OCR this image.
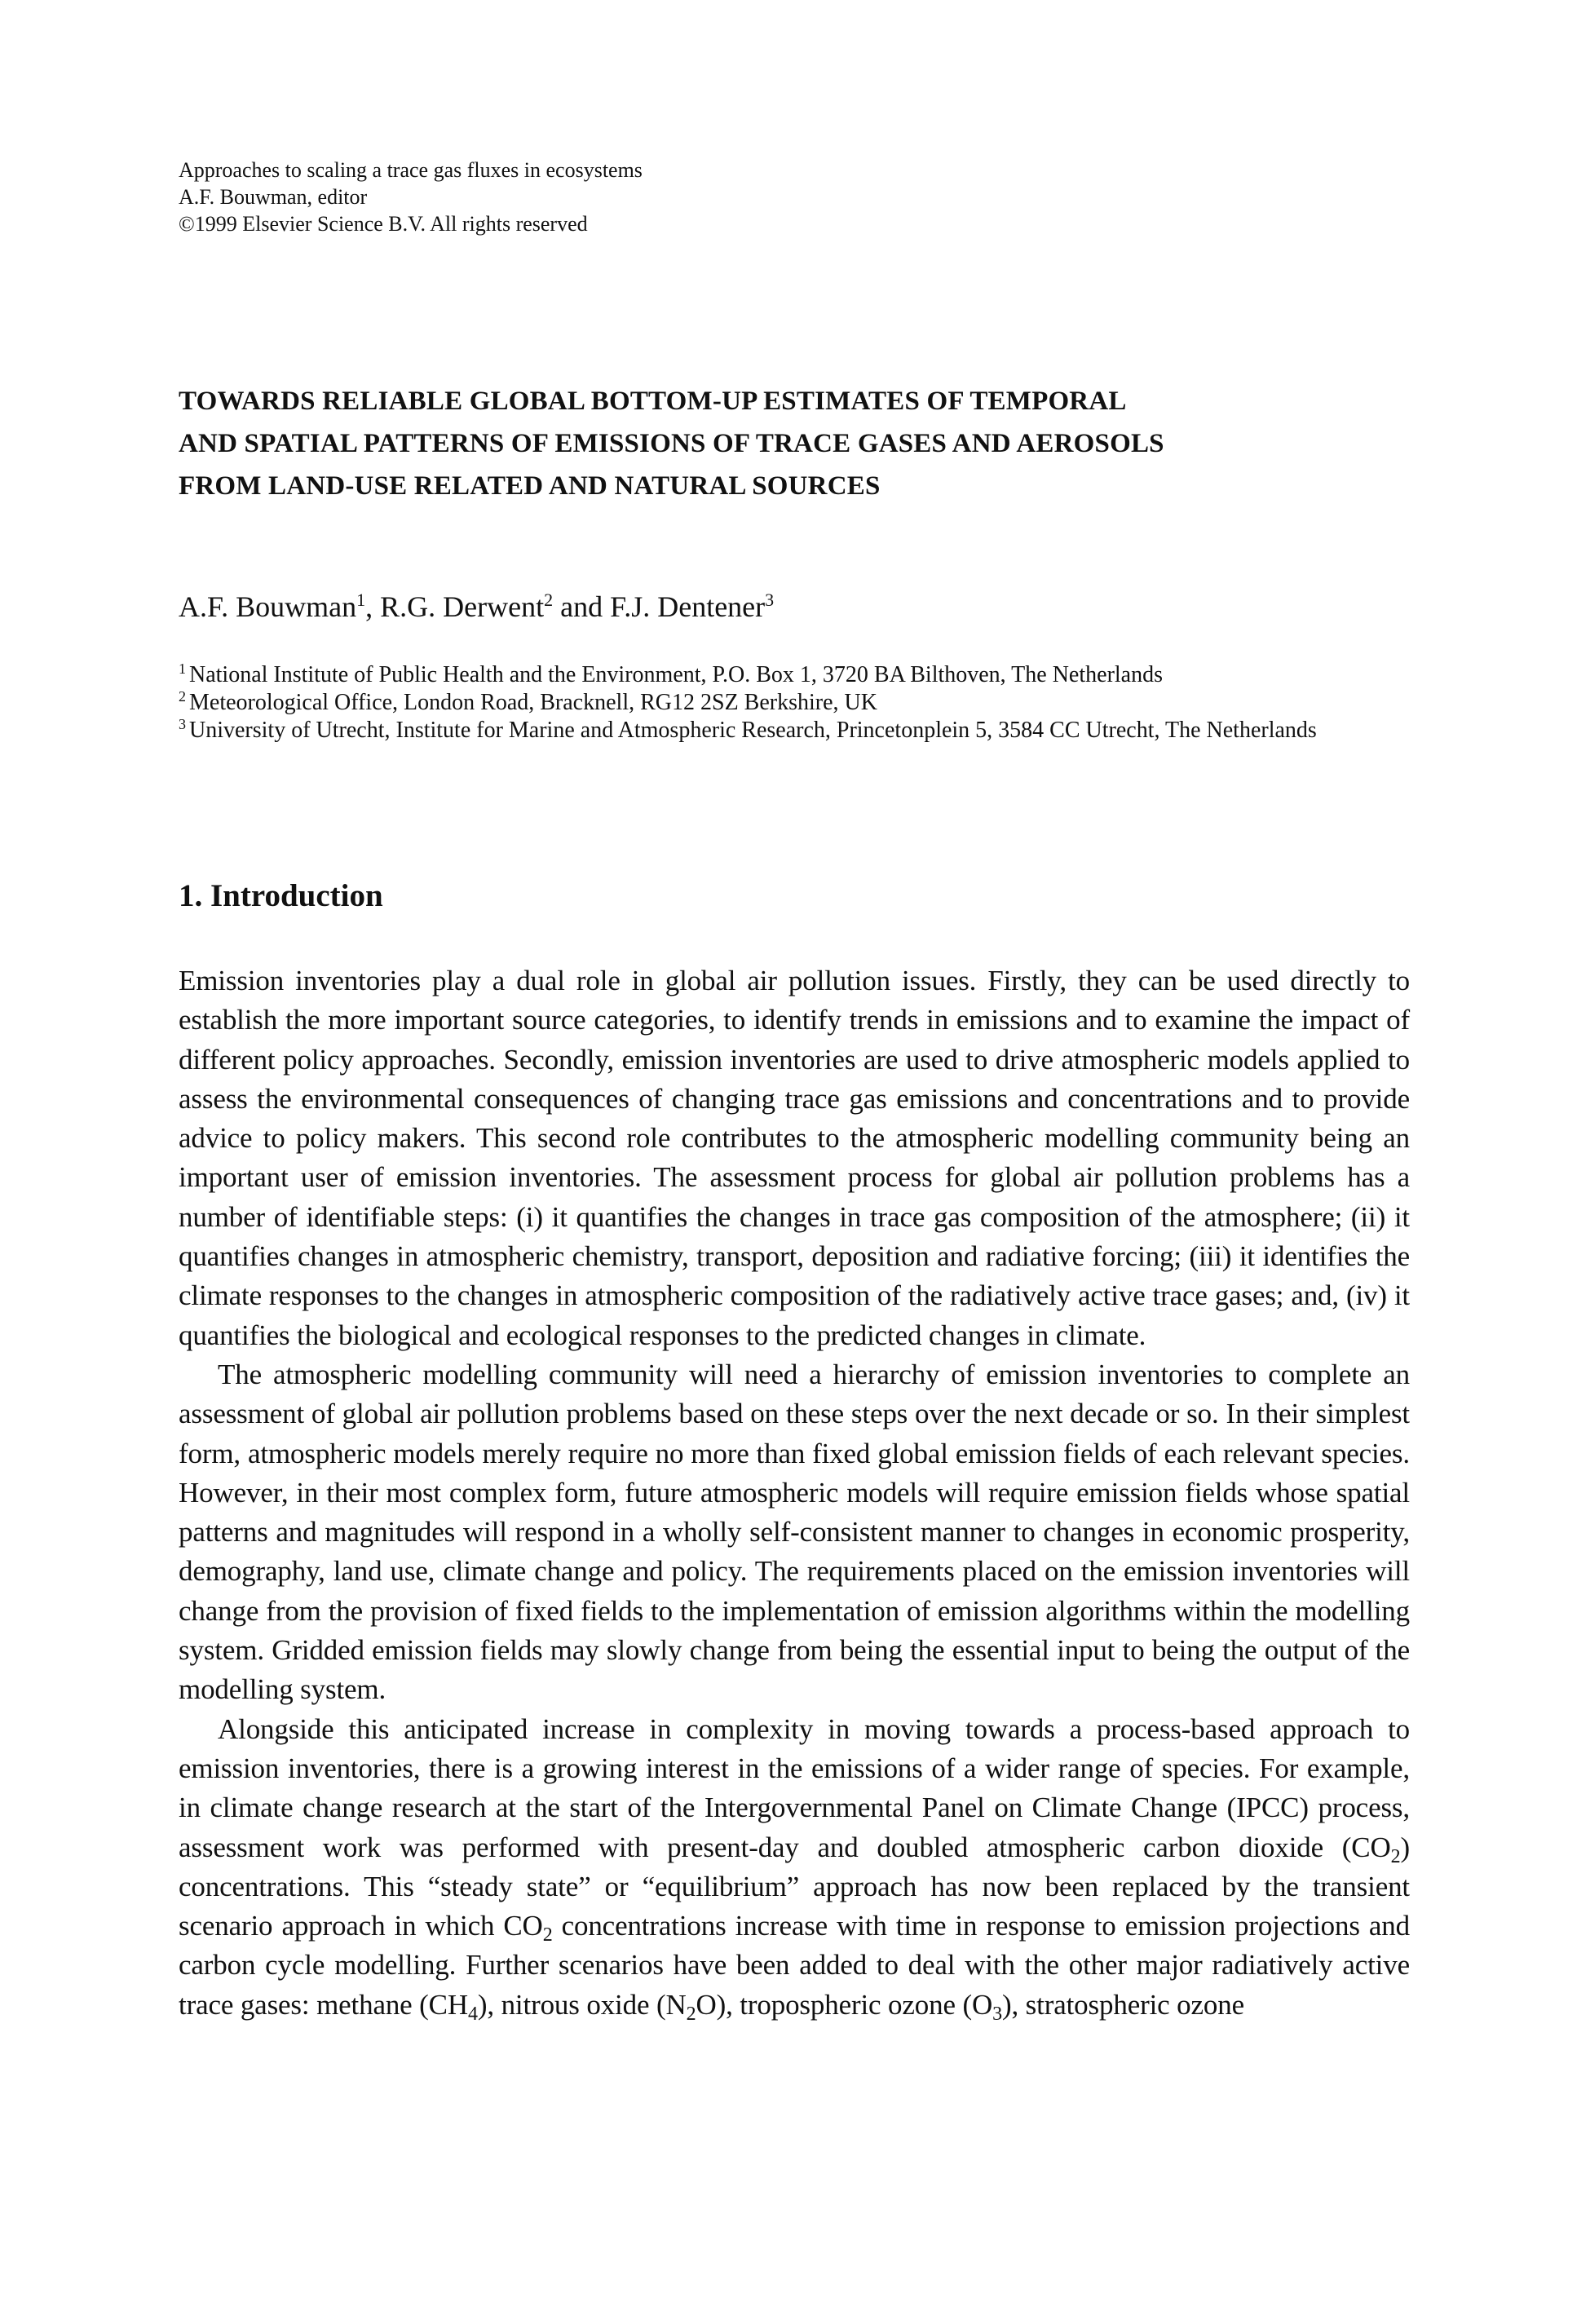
Approaches to scaling a trace gas fluxes in ecosystems

A.F. Bouwman, editor

©1999 Elsevier Science B.V. All rights reserved

TOWARDS RELIABLE GLOBAL BOTTOM-UP ESTIMATES OF TEMPORAL

AND SPATIAL PATTERNS OF EMISSIONS OF TRACE GASES AND AEROSOLS

FROM LAND-USE RELATED AND NATURAL SOURCES

A.F. Bouwman$^1$, R.G. Derwent$^2$ and F.J. Dentener$^3$

$^1$ National Institute of Public Health and the Environment, P.O. Box 1, 3720 BA Bilthoven, The Netherlands

$^2$ Meteorological Office, London Road, Bracknell, RG12 2SZ Berkshire, UK

$^3$ University of Utrecht, Institute for Marine and Atmospheric Research, Princetonplein 5, 3584 CC Utrecht, The Netherlands

1. Introduction

Emission inventories play a dual role in global air pollution issues. Firstly, they can be used directly to establish the more important source categories, to identify trends in emissions and to examine the impact of different policy approaches. Secondly, emission inventories are used to drive atmospheric models applied to assess the environmental consequences of changing trace gas emissions and concentrations and to provide advice to policy makers. This second role contributes to the atmospheric modelling community being an important user of emission inventories. The assessment process for global air pollution problems has a number of identifiable steps: (i) it quantifies the changes in trace gas composition of the atmosphere; (ii) it quantifies changes in atmospheric chemistry, transport, deposition and radiative forcing; (iii) it identifies the climate responses to the changes in atmospheric composition of the radiatively active trace gases; and, (iv) it quantifies the biological and ecological responses to the predicted changes in climate.

The atmospheric modelling community will need a hierarchy of emission inventories to complete an assessment of global air pollution problems based on these steps over the next decade or so. In their simplest form, atmospheric models merely require no more than fixed global emission fields of each relevant species. However, in their most complex form, future atmospheric models will require emission fields whose spatial patterns and magnitudes will respond in a wholly self-consistent manner to changes in economic prosperity, demography, land use, climate change and policy. The requirements placed on the emission inventories will change from the provision of fixed fields to the implementation of emission algorithms within the modelling system. Gridded emission fields may slowly change from being the essential input to being the output of the modelling system.

Alongside this anticipated increase in complexity in moving towards a process-based approach to emission inventories, there is a growing interest in the emissions of a wider range of species. For example, in climate change research at the start of the Intergovernmental Panel on Climate Change (IPCC) process, assessment work was performed with present-day and doubled atmospheric carbon dioxide $(CO_2)$ concentrations. This “steady state” or “equilibrium” approach has now been replaced by the transient scenario approach in which $CO_2$ concentrations increase with time in response to emission projections and carbon cycle modelling. Further scenarios have been added to deal with the other major radiatively active trace gases: methane $(CH_4)$, nitrous oxide $(N_2O)$, tropospheric ozone $(O_3)$, stratospheric ozone
